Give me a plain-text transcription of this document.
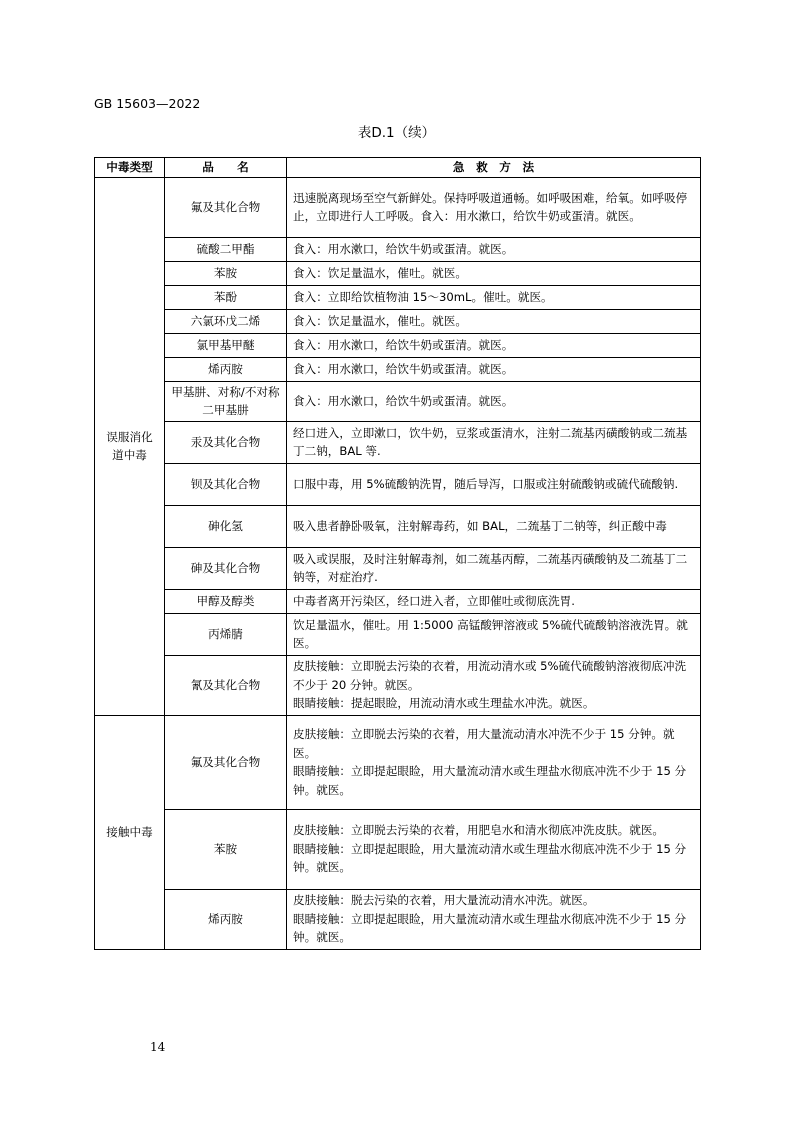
GB 15603—2022
表D.1（续）
中毒类型	品　　名	急　救　方　法
误服消化道中毒	氟及其化合物	迅速脱离现场至空气新鲜处。保持呼吸道通畅。如呼吸困难，给氧。如呼吸停止，立即进行人工呼吸。食入：用水漱口，给饮牛奶或蛋清。就医。

	硫酸二甲酯	食入：用水漱口，给饮牛奶或蛋清。就医。

	苯胺	食入：饮足量温水，催吐。就医。

	苯酚	食入：立即给饮植物油 15～30mL。催吐。就医。

	六氯环戊二烯	食入：饮足量温水，催吐。就医。

	氯甲基甲醚	食入：用水漱口，给饮牛奶或蛋清。就医。

	烯丙胺	食入：用水漱口，给饮牛奶或蛋清。就医。

	甲基肼、对称/不对称二甲基肼	食入：用水漱口，给饮牛奶或蛋清。就医。

	汞及其化合物	经口进入，立即漱口，饮牛奶，豆浆或蛋清水，注射二巯基丙磺酸钠或二巯基丁二钠，BAL 等.

	钡及其化合物	口服中毒，用 5%硫酸钠洗胃，随后导泻，口服或注射硫酸钠或硫代硫酸钠.

	砷化氢	吸入患者静卧吸氧，注射解毒药，如 BAL，二巯基丁二钠等，纠正酸中毒

	砷及其化合物	吸入或误服，及时注射解毒剂，如二巯基丙醇，二巯基丙磺酸钠及二巯基丁二钠等，对症治疗.

	甲醇及醇类	中毒者离开污染区，经口进入者，立即催吐或彻底洗胃.

	丙烯腈	饮足量温水，催吐。用 1:5000 高锰酸钾溶液或 5%硫代硫酸钠溶液洗胃。就医。

	氰及其化合物	皮肤接触：立即脱去污染的衣着，用流动清水或 5%硫代硫酸钠溶液彻底冲洗不少于 20 分钟。就医。
眼睛接触：提起眼睑，用流动清水或生理盐水冲洗。就医。

接触中毒	氟及其化合物	皮肤接触：立即脱去污染的衣着，用大量流动清水冲洗不少于 15 分钟。就医。
眼睛接触：立即提起眼睑，用大量流动清水或生理盐水彻底冲洗不少于 15 分钟。就医。

	苯胺	皮肤接触：立即脱去污染的衣着，用肥皂水和清水彻底冲洗皮肤。就医。
眼睛接触：立即提起眼睑，用大量流动清水或生理盐水彻底冲洗不少于 15 分钟。就医。

	烯丙胺	皮肤接触：脱去污染的衣着，用大量流动清水冲洗。就医。
眼睛接触：立即提起眼睑，用大量流动清水或生理盐水彻底冲洗不少于 15 分钟。就医。
14
